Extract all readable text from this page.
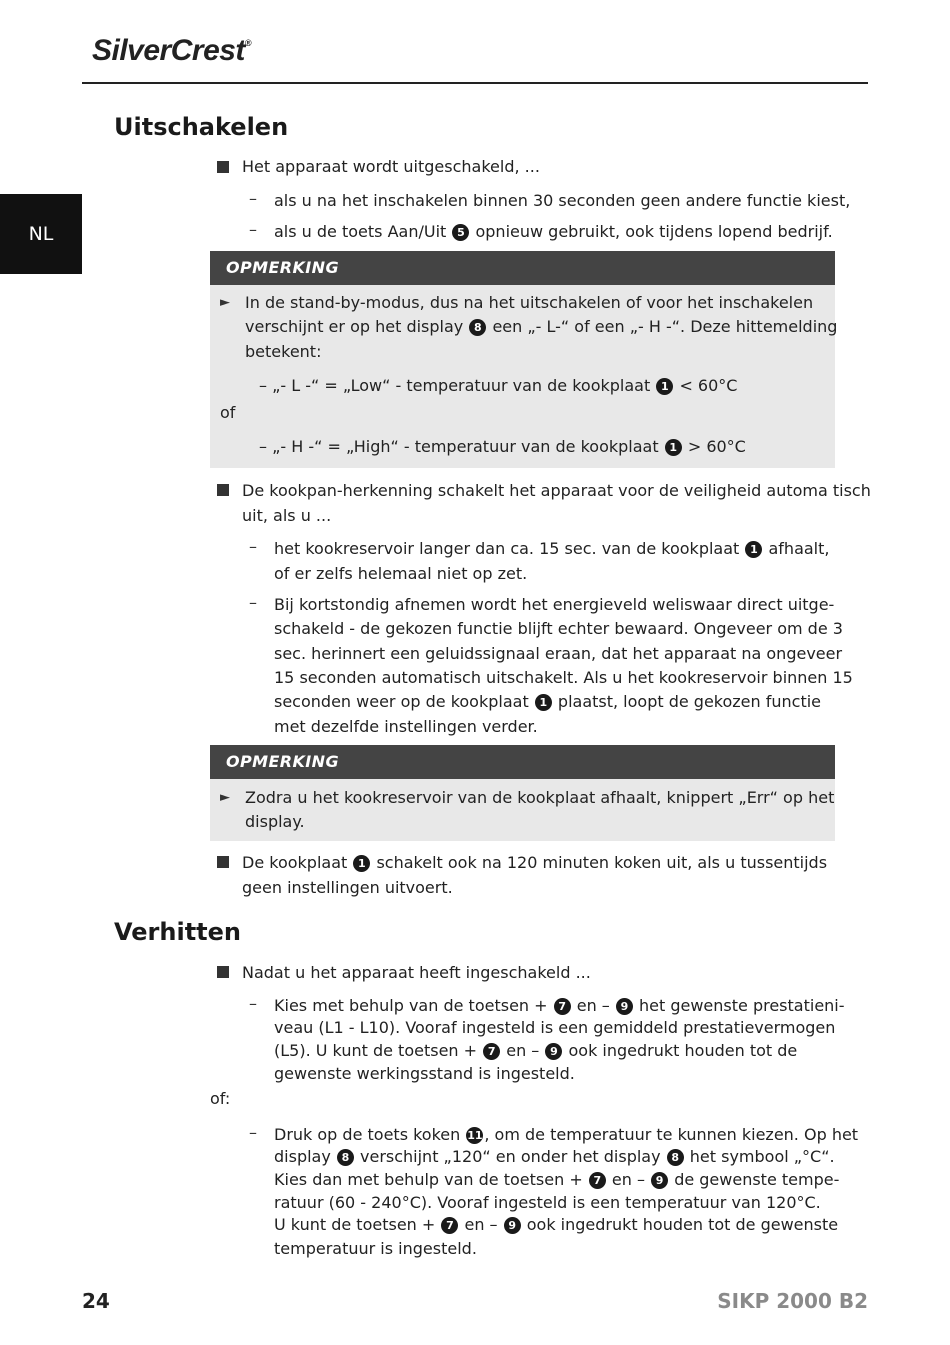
SilverCrest®
NL
Uitschakelen
Het apparaat wordt uitgeschakeld, ...
– als u na het inschakelen binnen 30 seconden geen andere functie kiest,
– als u de toets Aan/Uit 5 opnieuw gebruikt, ook tijdens lopend bedrijf.
OPMERKING
► In de stand-by-modus, dus na het uitschakelen of voor het inschakelen
verschijnt er op het display 8 een „- L-“ of een „- H -“. Deze hittemelding
betekent:
– „- L -“ = „Low“ - temperatuur van de kookplaat 1 < 60°C
of
– „- H -“ = „High“ - temperatuur van de kookplaat 1 > 60°C
De kookpan-herkenning schakelt het apparaat voor de veiligheid automa tisch
uit, als u ...
– het kookreservoir langer dan ca. 15 sec. van de kookplaat 1 afhaalt,
of er zelfs helemaal niet op zet.
– Bij kortstondig afnemen wordt het energieveld weliswaar direct uitge-
schakeld - de gekozen functie blijft echter bewaard. Ongeveer om de 3
sec. herinnert een geluidssignaal eraan, dat het apparaat na ongeveer
15 seconden automatisch uitschakelt. Als u het kookreservoir binnen 15
seconden weer op de kookplaat 1 plaatst, loopt de gekozen functie
met dezelfde instellingen verder.
OPMERKING
► Zodra u het kookreservoir van de kookplaat afhaalt, knippert „Err“ op het
display.
De kookplaat 1 schakelt ook na 120 minuten koken uit, als u tussentijds
geen instellingen uitvoert.
Verhitten
Nadat u het apparaat heeft ingeschakeld ...
– Kies met behulp van de toetsen + 7 en – 9 het gewenste prestatieni-
veau (L1 - L10). Vooraf ingesteld is een gemiddeld prestatievermogen
(L5). U kunt de toetsen + 7 en – 9 ook ingedrukt houden tot de
gewenste werkingsstand is ingesteld.
of:
– Druk op de toets koken 11 , om de temperatuur te kunnen kiezen. Op het
display 8 verschijnt „120“ en onder het display 8 het symbool „°C“.
Kies dan met behulp van de toetsen + 7 en – 9 de gewenste tempe-
ratuur (60 - 240°C). Vooraf ingesteld is een temperatuur van 120°C.
U kunt de toetsen + 7 en – 9 ook ingedrukt houden tot de gewenste
temperatuur is ingesteld.
24	SIKP 2000 B2
